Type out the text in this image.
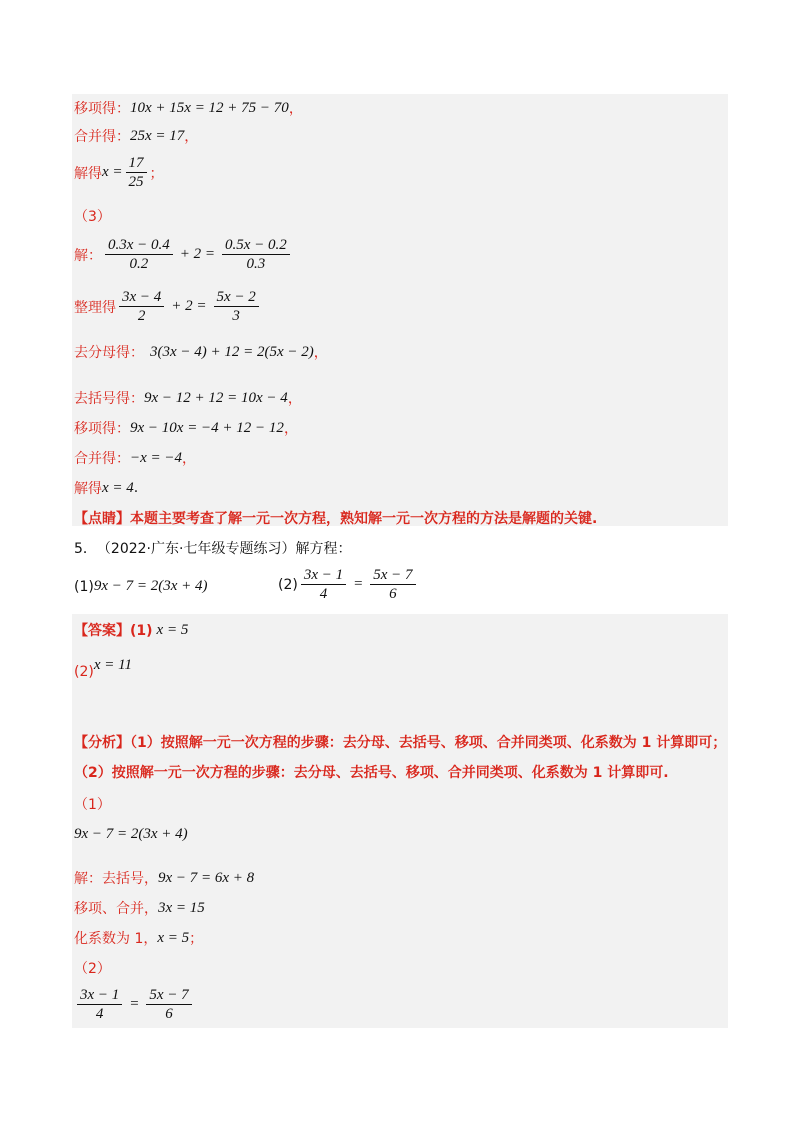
移项得： 10x + 15x = 12 + 75 − 70 ，
合并得： 25x = 17 ，
解得 $x = \frac{17}{25}$ ；
（3）
解： $\frac{0.3x - 0.4}{0.2} + 2 = \frac{0.5x - 0.2}{0.3}$
整理得 $\frac{3x - 4}{2} + 2 = \frac{5x - 2}{3}$
去分母得： 3(3x − 4) + 12 = 2(5x − 2) ，
去括号得： 9x − 12 + 12 = 10x − 4 ，
移项得： 9x − 10x = −4 + 12 − 12 ，
合并得： −x = −4 ，
解得 x = 4 .
【点睛】本题主要考查了解一元一次方程，熟知解一元一次方程的方法是解题的关键.
5． （2022·广东·七年级专题练习）解方程：
(1) 9x − 7 = 2(3x + 4)	$(2) \frac{3x - 1}{4} = \frac{5x - 7}{6}$
【答案】(1) x = 5
(2) x = 11
【分析】（1）按照解一元一次方程的步骤：去分母、去括号、移项、合并同类项、化系数为 1 计算即可；
（2）按照解一元一次方程的步骤：去分母、去括号、移项、合并同类项、化系数为 1 计算即可.
（1）
9x − 7 = 2(3x + 4)
解：去括号， 9x − 7 = 6x + 8
移项、合并， 3x = 15
化系数为 1， x = 5 ；
（2）
$\frac{3x - 1}{4} = \frac{5x - 7}{6}$
